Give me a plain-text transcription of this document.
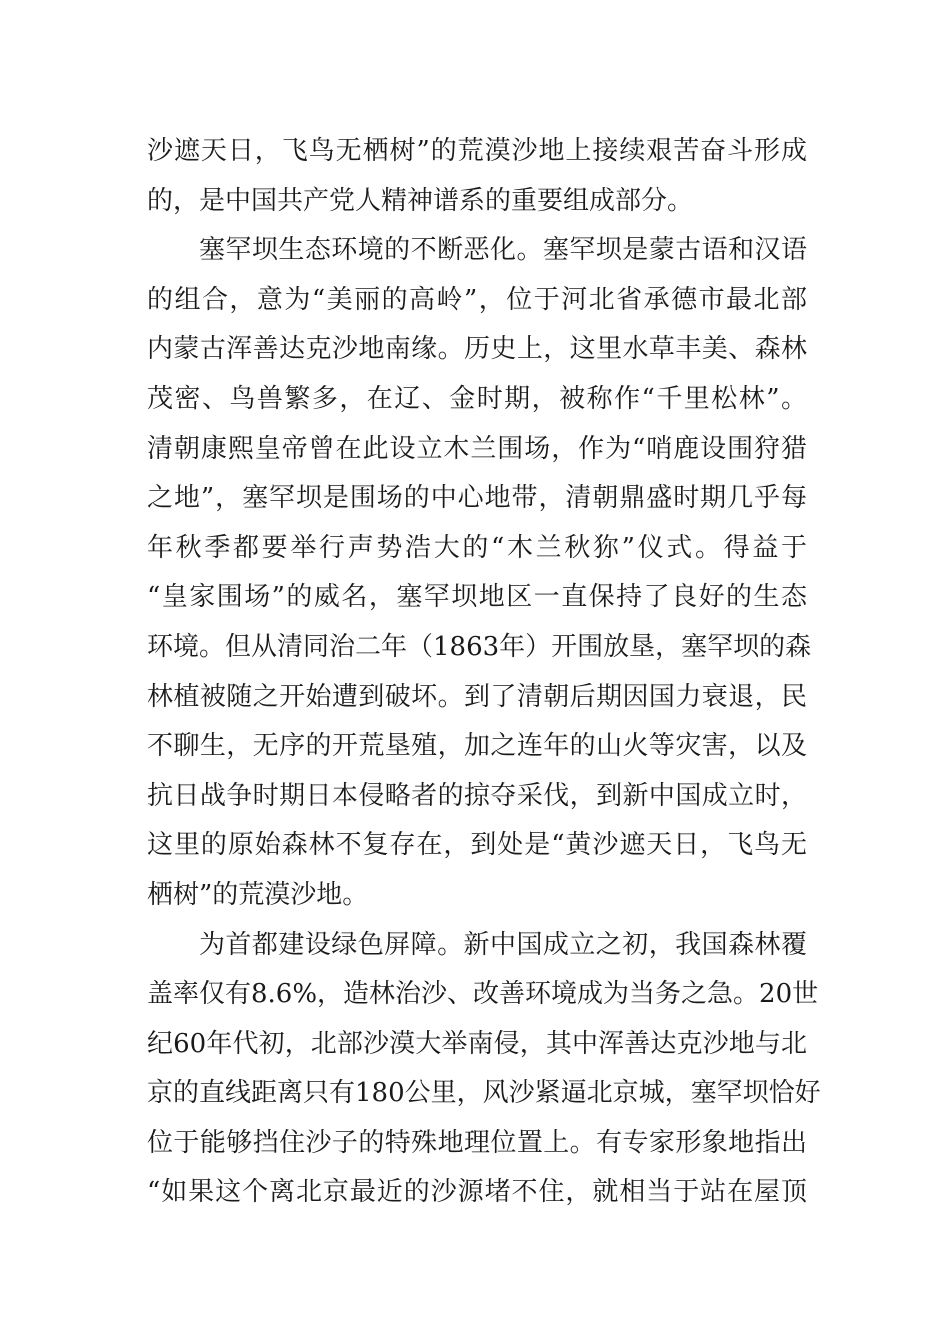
沙遮天日，飞鸟无栖树”的荒漠沙地上接续艰苦奋斗形成
的，是中国共产党人精神谱系的重要组成部分。
塞罕坝生态环境的不断恶化。塞罕坝是蒙古语和汉语
的组合，意为“美丽的高岭”，位于河北省承德市最北部
内蒙古浑善达克沙地南缘。历史上，这里水草丰美、森林
茂密、鸟兽繁多，在辽、金时期，被称作“千里松林”。
清朝康熙皇帝曾在此设立木兰围场，作为“哨鹿设围狩猎
之地”，塞罕坝是围场的中心地带，清朝鼎盛时期几乎每
年秋季都要举行声势浩大的“木兰秋狝”仪式。得益于
“皇家围场”的威名，塞罕坝地区一直保持了良好的生态
环境。但从清同治二年（1863年）开围放垦，塞罕坝的森
林植被随之开始遭到破坏。到了清朝后期因国力衰退，民
不聊生，无序的开荒垦殖，加之连年的山火等灾害，以及
抗日战争时期日本侵略者的掠夺采伐，到新中国成立时，
这里的原始森林不复存在，到处是“黄沙遮天日，飞鸟无
栖树”的荒漠沙地。
为首都建设绿色屏障。新中国成立之初，我国森林覆
盖率仅有8.6%，造林治沙、改善环境成为当务之急。20世
纪60年代初，北部沙漠大举南侵，其中浑善达克沙地与北
京的直线距离只有180公里，风沙紧逼北京城，塞罕坝恰好
位于能够挡住沙子的特殊地理位置上。有专家形象地指出
“如果这个离北京最近的沙源堵不住，就相当于站在屋顶
